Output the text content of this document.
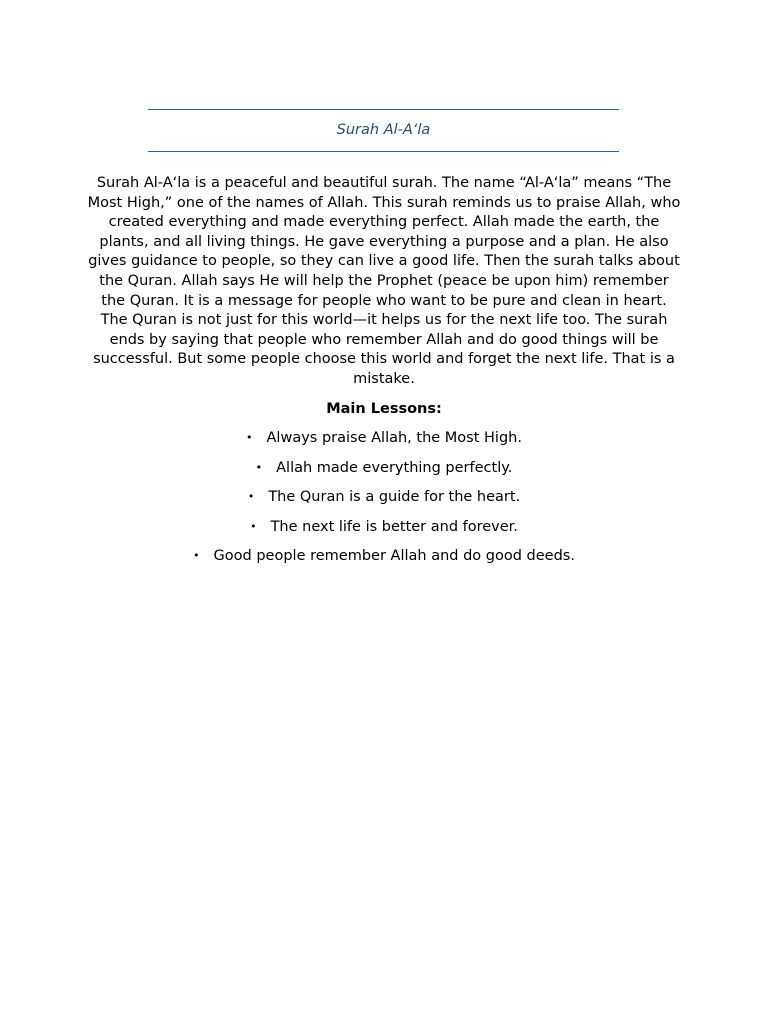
Surah Al-A‘la

Surah Al-A‘la is a peaceful and beautiful surah. The name “Al-A‘la” means “The Most High,” one of the names of Allah. This surah reminds us to praise Allah, who created everything and made everything perfect. Allah made the earth, the plants, and all living things. He gave everything a purpose and a plan. He also gives guidance to people, so they can live a good life. Then the surah talks about the Quran. Allah says He will help the Prophet (peace be upon him) remember the Quran. It is a message for people who want to be pure and clean in heart. The Quran is not just for this world—it helps us for the next life too. The surah ends by saying that people who remember Allah and do good things will be successful. But some people choose this world and forget the next life. That is a mistake.

Main Lessons:

• Always praise Allah, the Most High.
• Allah made everything perfectly.
• The Quran is a guide for the heart.
• The next life is better and forever.
• Good people remember Allah and do good deeds.
